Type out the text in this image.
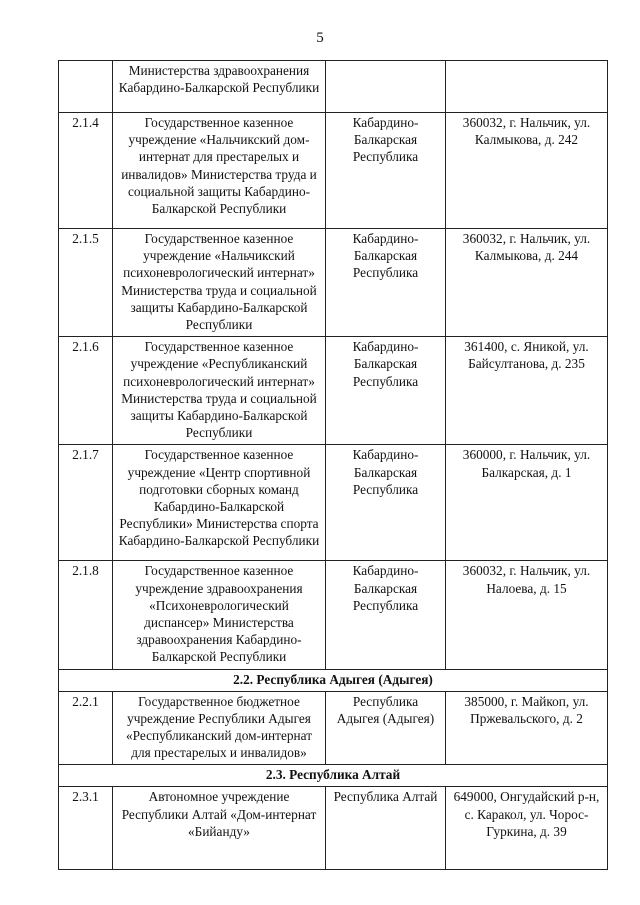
5
	Министерства здравоохранения Кабардино-Балкарской Республики		
2.1.4	Государственное казенное учреждение «Нальчикский дом-интернат для престарелых и инвалидов» Министерства труда и социальной защиты Кабардино-Балкарской Республики	Кабардино-Балкарская Республика	360032, г. Нальчик, ул. Калмыкова, д. 242
2.1.5	Государственное казенное учреждение «Нальчикский психоневрологический интернат» Министерства труда и социальной защиты Кабардино-Балкарской Республики	Кабардино-Балкарская Республика	360032, г. Нальчик, ул. Калмыкова, д. 244
2.1.6	Государственное казенное учреждение «Республиканский психоневрологический интернат» Министерства труда и социальной защиты Кабардино-Балкарской Республики	Кабардино-Балкарская Республика	361400, с. Яникой, ул. Байсултанова, д. 235
2.1.7	Государственное казенное учреждение «Центр спортивной подготовки сборных команд Кабардино-Балкарской Республики» Министерства спорта Кабардино-Балкарской Республики	Кабардино-Балкарская Республика	360000, г. Нальчик, ул. Балкарская, д. 1
2.1.8	Государственное казенное учреждение здравоохранения «Психоневрологический диспансер» Министерства здравоохранения Кабардино-Балкарской Республики	Кабардино-Балкарская Республика	360032, г. Нальчик, ул. Налоева, д. 15
2.2. Республика Адыгея (Адыгея)			
2.2.1	Государственное бюджетное учреждение Республики Адыгея «Республиканский дом-интернат для престарелых и инвалидов»	Республика Адыгея (Адыгея)	385000, г. Майкоп, ул. Пржевальского, д. 2
2.3. Республика Алтай			
2.3.1	Автономное учреждение Республики Алтай «Дом-интернат «Бийанду»	Республика Алтай	649000, Онгудайский р-н, с. Каракол, ул. Чорос-Гуркина, д. 39
